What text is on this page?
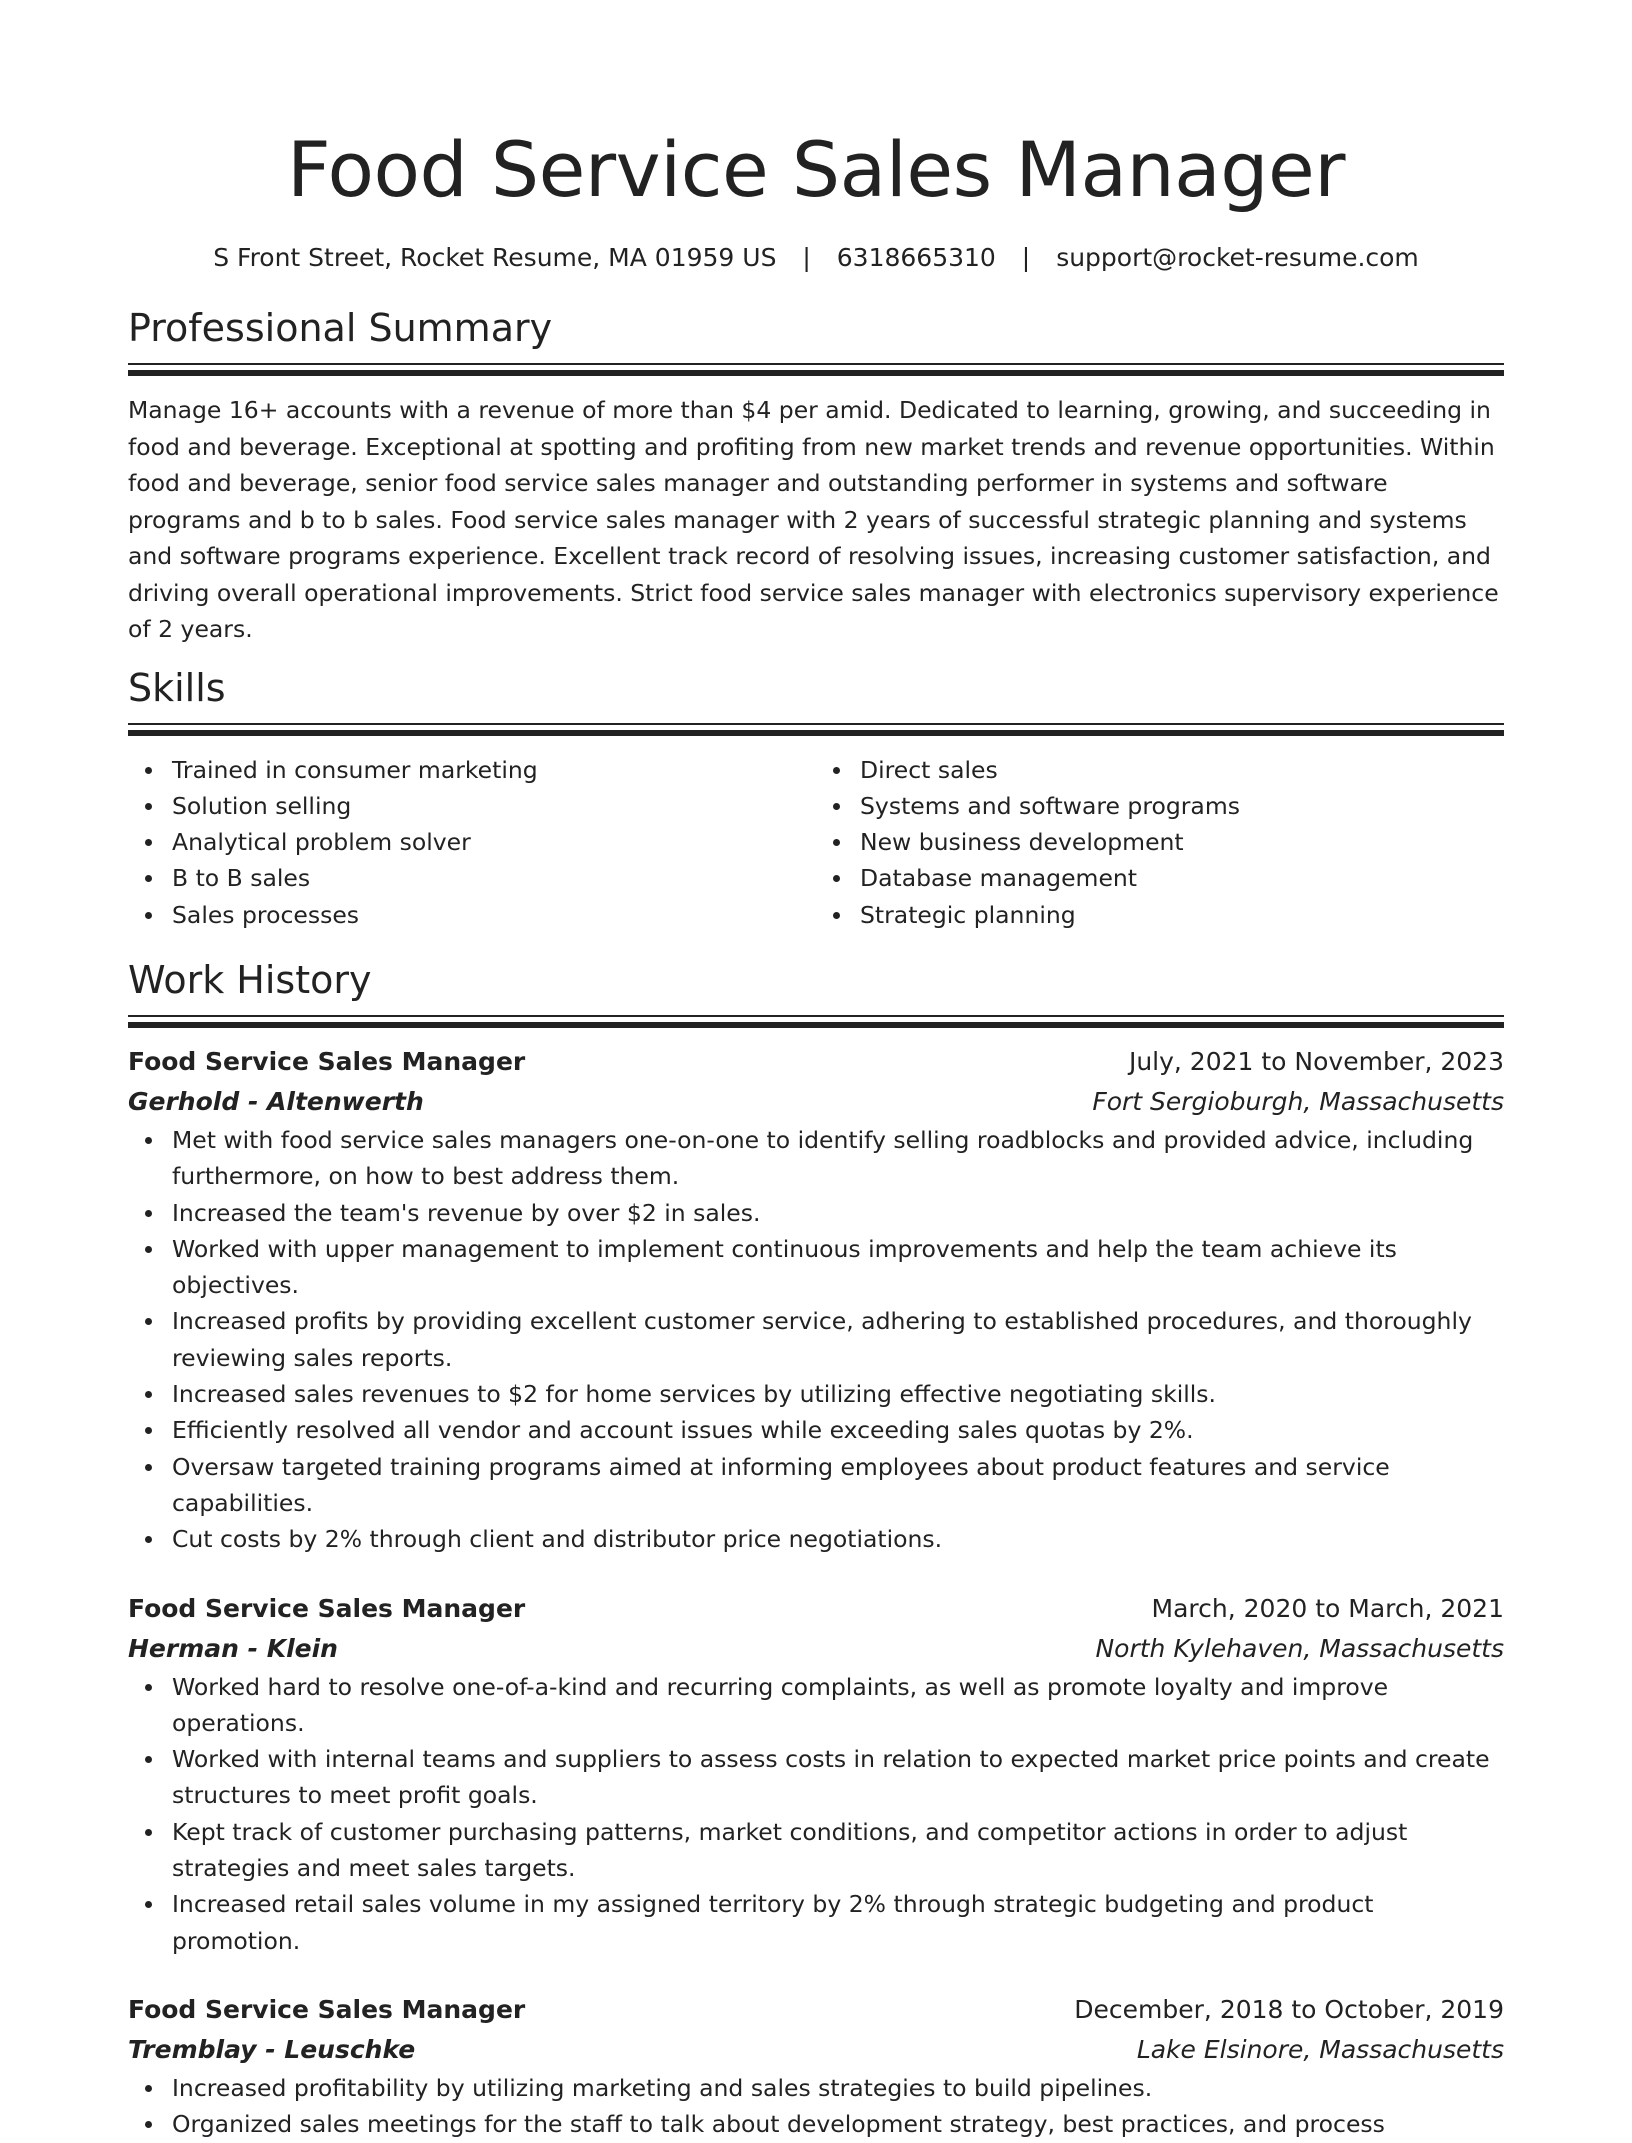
Food Service Sales Manager
S Front Street, Rocket Resume, MA 01959 US | 6318665310 | support@rocket-resume.com
Professional Summary

Manage 16+ accounts with a revenue of more than $4 per amid. Dedicated to learning, growing, and succeeding in food and beverage. Exceptional at spotting and profiting from new market trends and revenue opportunities. Within food and beverage, senior food service sales manager and outstanding performer in systems and software programs and b to b sales. Food service sales manager with 2 years of successful strategic planning and systems and software programs experience. Excellent track record of resolving issues, increasing customer satisfaction, and driving overall operational improvements. Strict food service sales manager with electronics supervisory experience of 2 years.

Skills
Trained in consumer marketing
Solution selling
Analytical problem solver
B to B sales
Sales processes
Direct sales
Systems and software programs
New business development
Database management
Strategic planning
Work History
Food Service Sales Manager	July, 2021 to November, 2023
Gerhold - Altenwerth	Fort Sergioburgh, Massachusetts
Met with food service sales managers one-on-one to identify selling roadblocks and provided advice, including furthermore, on how to best address them.
Increased the team's revenue by over $2 in sales.
Worked with upper management to implement continuous improvements and help the team achieve its objectives.
Increased profits by providing excellent customer service, adhering to established procedures, and thoroughly reviewing sales reports.
Increased sales revenues to $2 for home services by utilizing effective negotiating skills.
Efficiently resolved all vendor and account issues while exceeding sales quotas by 2%.
Oversaw targeted training programs aimed at informing employees about product features and service capabilities.
Cut costs by 2% through client and distributor price negotiations.
Food Service Sales Manager	March, 2020 to March, 2021
Herman - Klein	North Kylehaven, Massachusetts
Worked hard to resolve one-of-a-kind and recurring complaints, as well as promote loyalty and improve operations.
Worked with internal teams and suppliers to assess costs in relation to expected market price points and create structures to meet profit goals.
Kept track of customer purchasing patterns, market conditions, and competitor actions in order to adjust strategies and meet sales targets.
Increased retail sales volume in my assigned territory by 2% through strategic budgeting and product promotion.
Food Service Sales Manager	December, 2018 to October, 2019
Tremblay - Leuschke	Lake Elsinore, Massachusetts
Increased profitability by utilizing marketing and sales strategies to build pipelines.
Organized sales meetings for the staff to talk about development strategy, best practices, and process
